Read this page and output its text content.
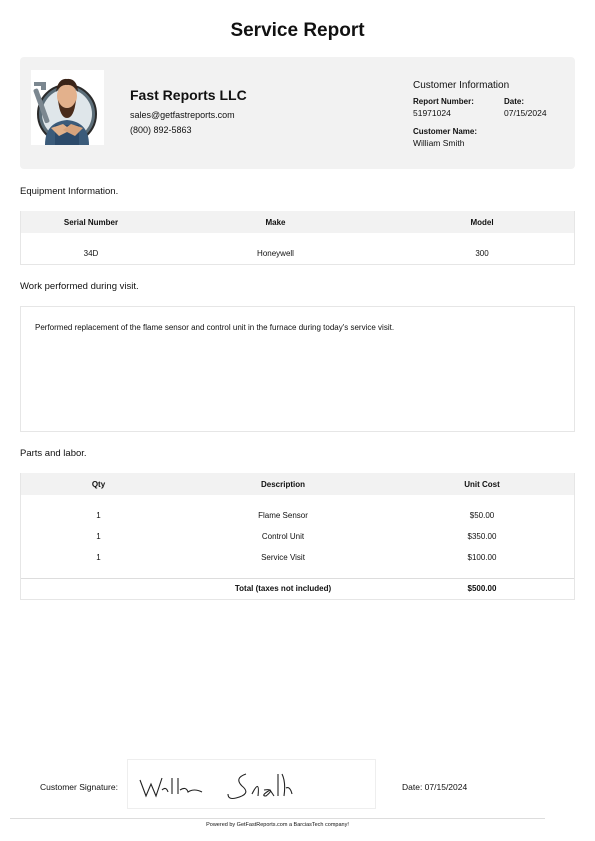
Service Report
Fast Reports LLC
sales@getfastreports.com
(800) 892-5863
Customer Information
Report Number:
51971024
Date:
07/15/2024
Customer Name:
William Smith
Equipment Information.
Serial Number	Make	Model

34D	Honeywell	300
Work performed during visit.
Performed replacement of the flame sensor and control unit in the furnace during today's service visit.
Parts and labor.
Qty	Description	Unit Cost

1	Flame Sensor	$50.00
1	Control Unit	$350.00
1	Service Visit	$100.00

	Total (taxes not included)	$500.00
Customer Signature:	Date: 07/15/2024
Powered by GetFastReports.com a BarciasTech company!
